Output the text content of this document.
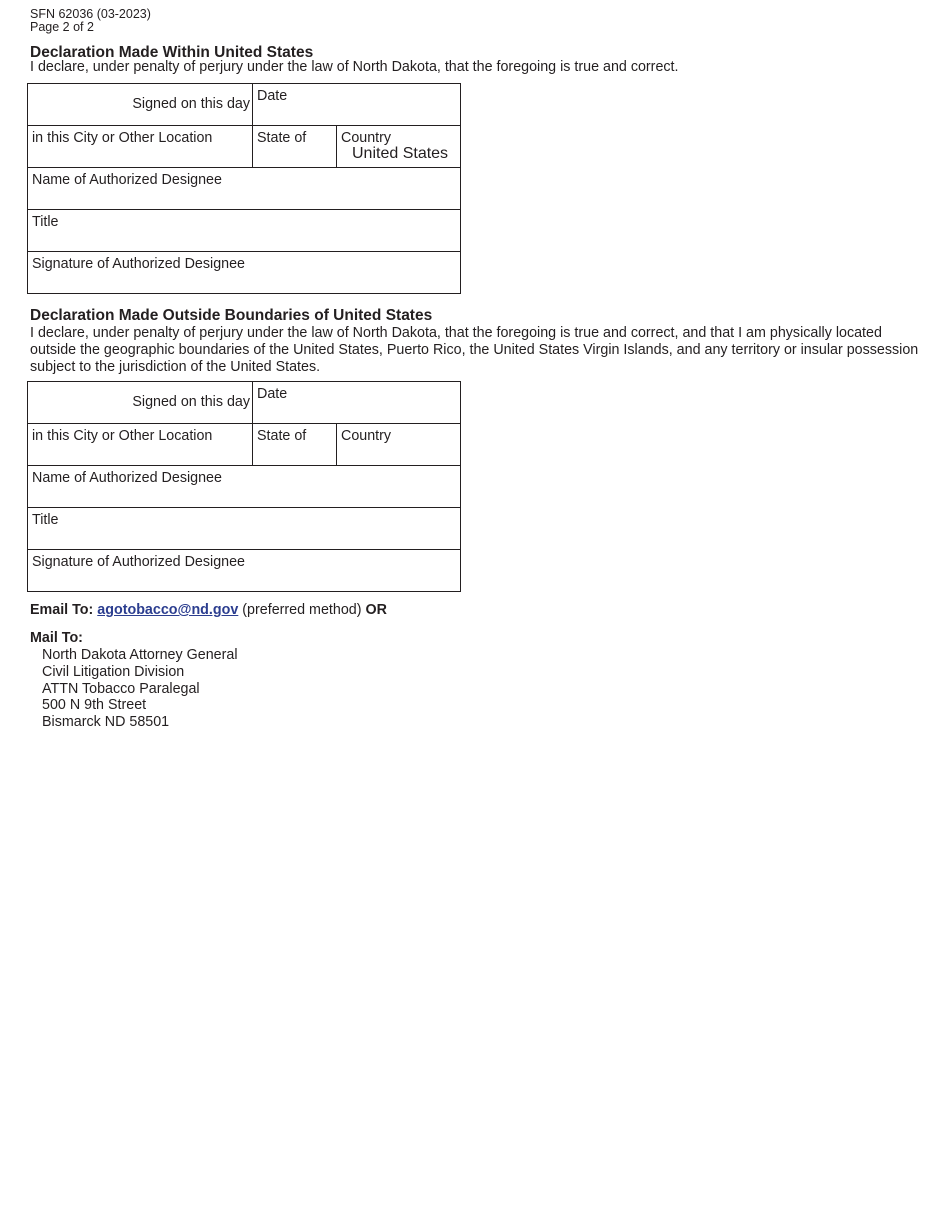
SFN 62036 (03-2023)
Page 2 of 2
Declaration Made Within United States

I declare, under penalty of perjury under the law of North Dakota, that the foregoing is true and correct.

Signed on this day Date
in this City or Other Location	State of Country
United States
Name of Authorized Designee
Title
Signature of Authorized Designee
Declaration Made Outside Boundaries of United States

I declare, under penalty of perjury under the law of North Dakota, that the foregoing is true and correct, and that I am physically located outside the geographic boundaries of the United States, Puerto Rico, the United States Virgin Islands, and any territory or insular possession subject to the jurisdiction of the United States.

Signed on this day Date
in this City or Other Location	State of Country
Name of Authorized Designee
Title
Signature of Authorized Designee
Email To: agotobacco@nd.gov (preferred method) OR
Mail To:
North Dakota Attorney General
Civil Litigation Division
ATTN Tobacco Paralegal
500 N 9th Street
Bismarck ND 58501
